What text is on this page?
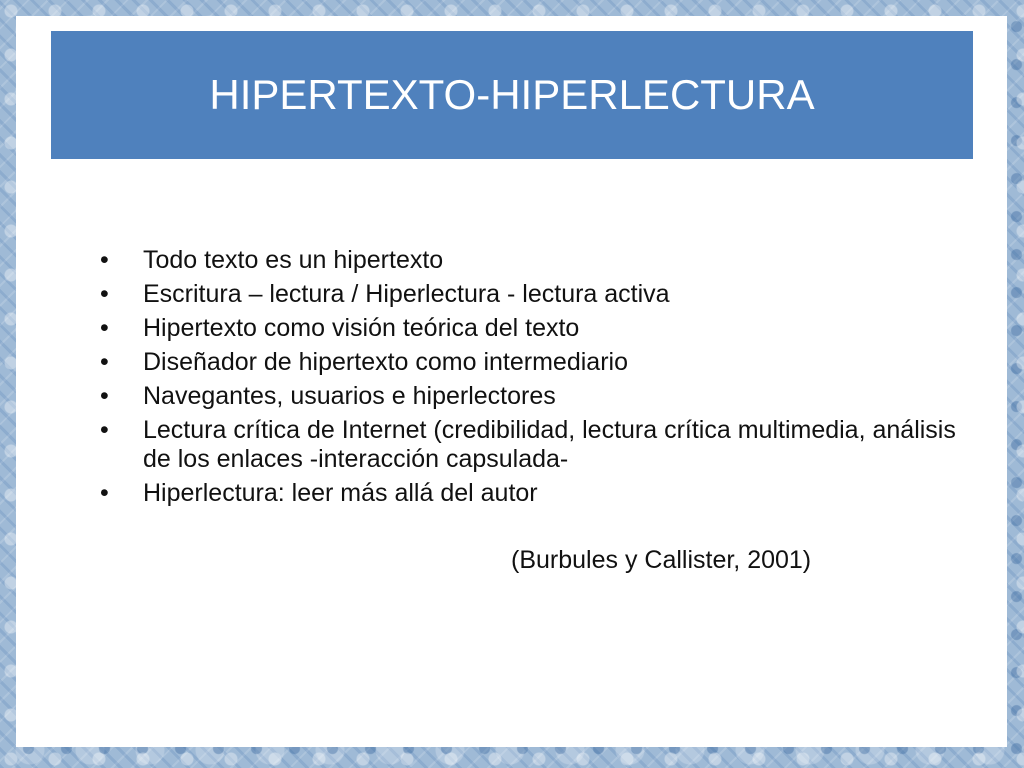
HIPERTEXTO-HIPERLECTURA
• Todo texto es un hipertexto
• Escritura – lectura / Hiperlectura - lectura activa
• Hipertexto como visión teórica del texto
• Diseñador de hipertexto como intermediario
• Navegantes, usuarios e hiperlectores
• Lectura crítica de Internet (credibilidad, lectura crítica multimedia, análisis de los enlaces -interacción capsulada-
• Hiperlectura: leer más allá del autor
(Burbules y Callister, 2001)
